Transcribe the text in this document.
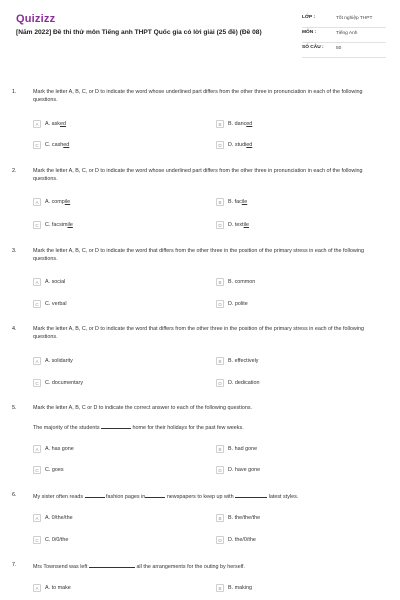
Quizizz
[Năm 2022] Đề thi thử môn Tiếng anh THPT Quốc gia có lời giải (25 đề) (Đề 08)
LỚP :	Tốt nghiệp THPT
MÔN :	Tiếng Anh
SỐ CÂU :	50
1.	Mark the letter A, B, C, or D to indicate the word whose underlined part differs from the other three in pronunciation in each of the following questions.
A	A. asked	B	B. danced
C	C. cashed	D	D. studied
2.	Mark the letter A, B, C, or D to indicate the word whose underlined part differs from the other three in pronunciation in each of the following questions.
A	A. compile	B	B. facile
C	C. facsimile	D	D. textile
3.	Mark the letter A, B, C, or D to indicate the word that differs from the other three in the position of the primary stress in each of the following questions.
A	A. social	B	B. common
C	C. verbal	D	D. polite
4.	Mark the letter A, B, C, or D to indicate the word that differs from the other three in the position of the primary stress in each of the following questions.
A	A. solidarity	B	B. effectively
C	C. documentary	D	D. dedication
5.	Mark the letter A, B, C or D to indicate the correct answer to each of the following questions.
The majority of the students	home for their holidays for the past few weeks.
A	A. has gone	B	B. had gone
C	C. goes	D	D. have gone
6.	My sister often reads	fashion pages in	newspapers to keep up with	latest styles.
A	A. 0/the/the	B	B. the/the/the
C	C. 0/0/the	D	D. the/0/the
7.	Mrs Townsend was left	all the arrangements for the outing by herself.
A	A. to make	B	B. making
